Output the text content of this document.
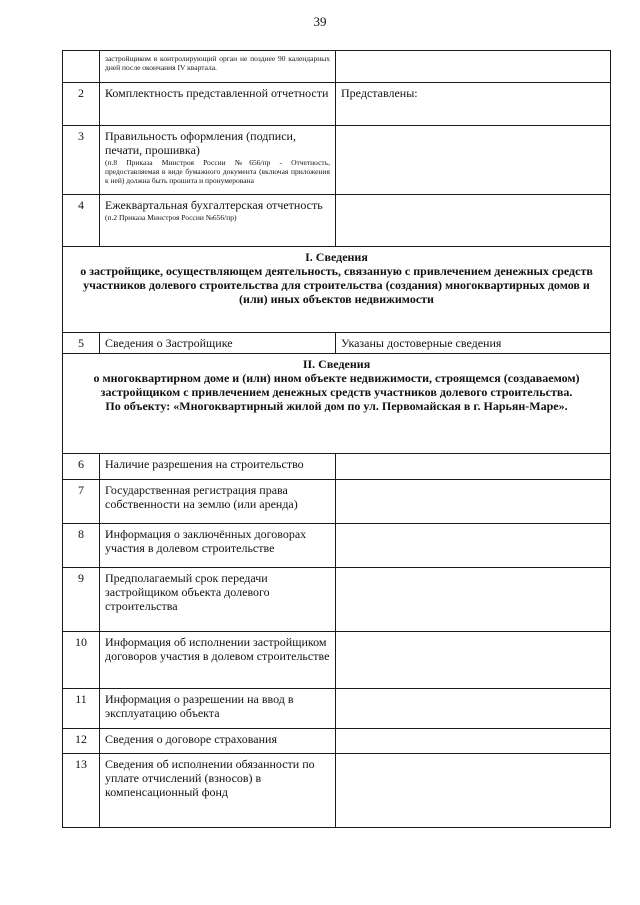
39

	застройщиком в контролирующий орган не позднее 90 календарных дней после окончания IV квартала.	

2	Комплектность представленной отчетности	Представлены:
3	Правильность оформления (подписи, печати, прошивка)
(п.8 Приказа Минстроя России №656/пр - Отчетность, предоставляемая в виде бумажного документа (включая приложения к ней) должна быть прошита и пронумерована	

4	Ежеквартальная бухгалтерская отчетность
(п.2 Приказа Минстроя России №656/пр)	

I. Сведения
о застройщике, осуществляющем деятельность, связанную с привлечением денежных средств участников долевого строительства для строительства (создания) многоквартирных домов и (или) иных объектов недвижимости		

5	Сведения о Застройщике	Указаны достоверные сведения

II. Сведения
о многоквартирном доме и (или) ином объекте недвижимости, строящемся (создаваемом) застройщиком с привлечением денежных средств участников долевого строительства.
По объекту: «Многоквартирный жилой дом по ул. Первомайская в г. Нарьян-Маре».		

6	Наличие разрешения на строительство	
7	Государственная регистрация права собственности на землю (или аренда)	
8	Информация о заключённых договорах участия в долевом строительстве	
9	Предполагаемый срок передачи застройщиком объекта долевого строительства	
10	Информация об исполнении застройщиком договоров участия в долевом строительстве	
11	Информация о разрешении на ввод в эксплуатацию объекта	
12	Сведения о договоре страхования	
13	Сведения об исполнении обязанности по уплате отчислений (взносов) в компенсационный фонд	
